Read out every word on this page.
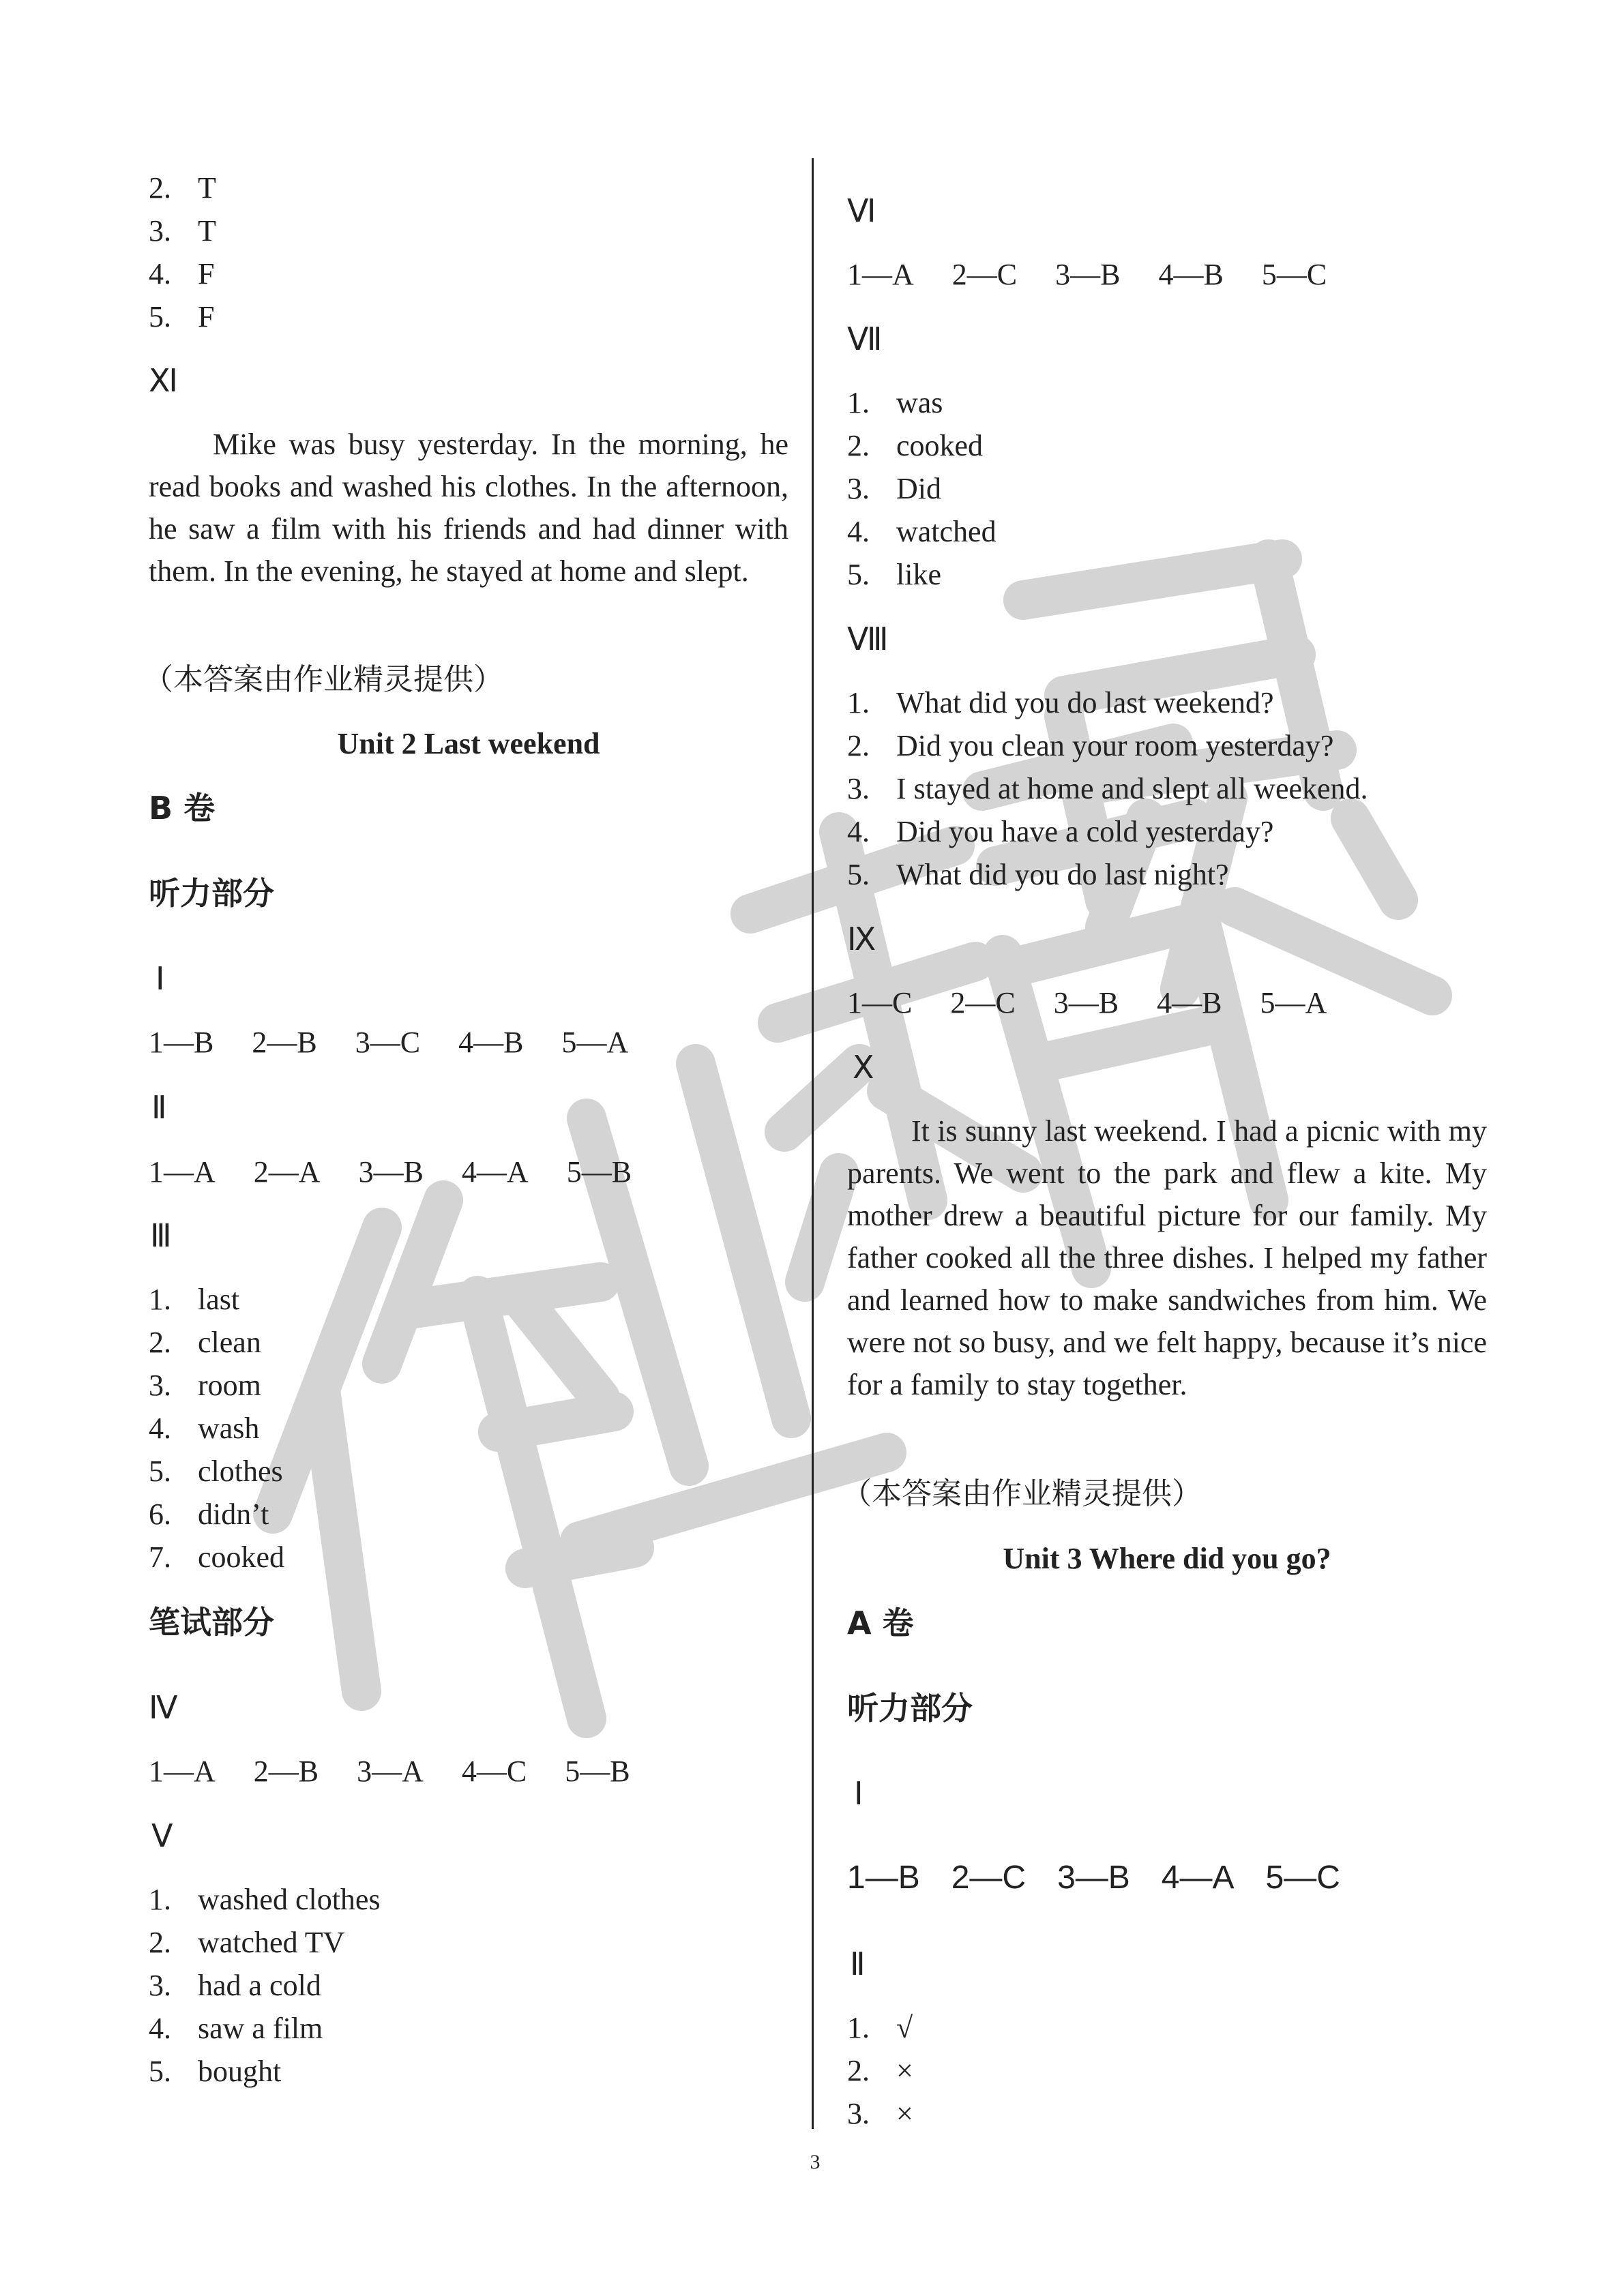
2. T
3. T
4. F
5. F
Ⅺ
Mike was busy yesterday. In the morning, he read books and washed his clothes. In the afternoon, he saw a film with his friends and had dinner with them. In the evening, he stayed at home and slept.
（本答案由作业精灵提供）
Unit 2 Last weekend
B 卷
听力部分
Ⅰ
1—B 2—B 3—C 4—B 5—A
Ⅱ
1—A 2—A 3—B 4—A 5—B
Ⅲ
1. last
2. clean
3. room
4. wash
5. clothes
6. didn’t
7. cooked
笔试部分
Ⅳ
1—A 2—B 3—A 4—C 5—B
Ⅴ
1. washed clothes
2. watched TV
3. had a cold
4. saw a film
5. bought
Ⅵ
1—A 2—C 3—B 4—B 5—C
Ⅶ
1. was
2. cooked
3. Did
4. watched
5. like
Ⅷ
1. What did you do last weekend?
2. Did you clean your room yesterday?
3. I stayed at home and slept all weekend.
4. Did you have a cold yesterday?
5. What did you do last night?
Ⅸ
1—C 2—C 3—B 4—B 5—A
Ⅹ
It is sunny last weekend. I had a picnic with my parents. We went to the park and flew a kite. My mother drew a beautiful picture for our family. My father cooked all the three dishes. I helped my father and learned how to make sandwiches from him. We were not so busy, and we felt happy, because it’s nice for a family to stay together.
（本答案由作业精灵提供）
Unit 3 Where did you go?
A 卷
听力部分
Ⅰ
1—B 2—C 3—B 4—A 5—C
Ⅱ
1. √
2. ×
3. ×
3
